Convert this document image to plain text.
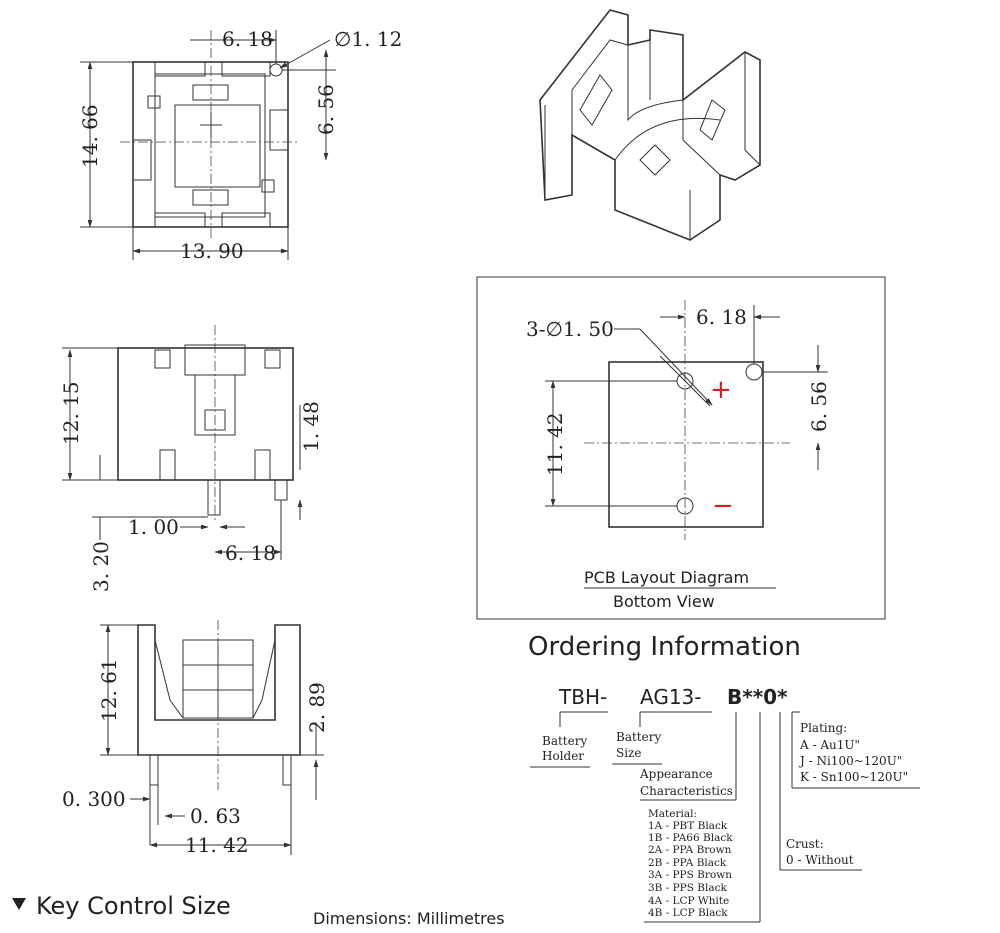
14. 66
13. 90
6. 18	∅1. 12
6. 56
12. 15	1. 48
3. 20
1. 00
6. 18
12. 61	2. 89
0. 300
0. 63
11. 42
3-∅1. 50
+
−
6. 18
6. 56
11. 42
PCB Layout Diagram
Bottom View
Ordering Information
TBH- AG13- B**0*
Battery
Holder
Battery
Size
Appearance
Characteristics
Material:
1A - PBT Black
1B - PA66 Black
2A - PPA Brown
2B - PPA Black
3A - PPS Brown
3B - PPS Black
4A - LCP White
4B - LCP Black
Crust:
0 - Without
Plating:
A - Au1U"
J - Ni100~120U"
K - Sn100~120U"
Key Control Size	Dimensions: Millimetres
